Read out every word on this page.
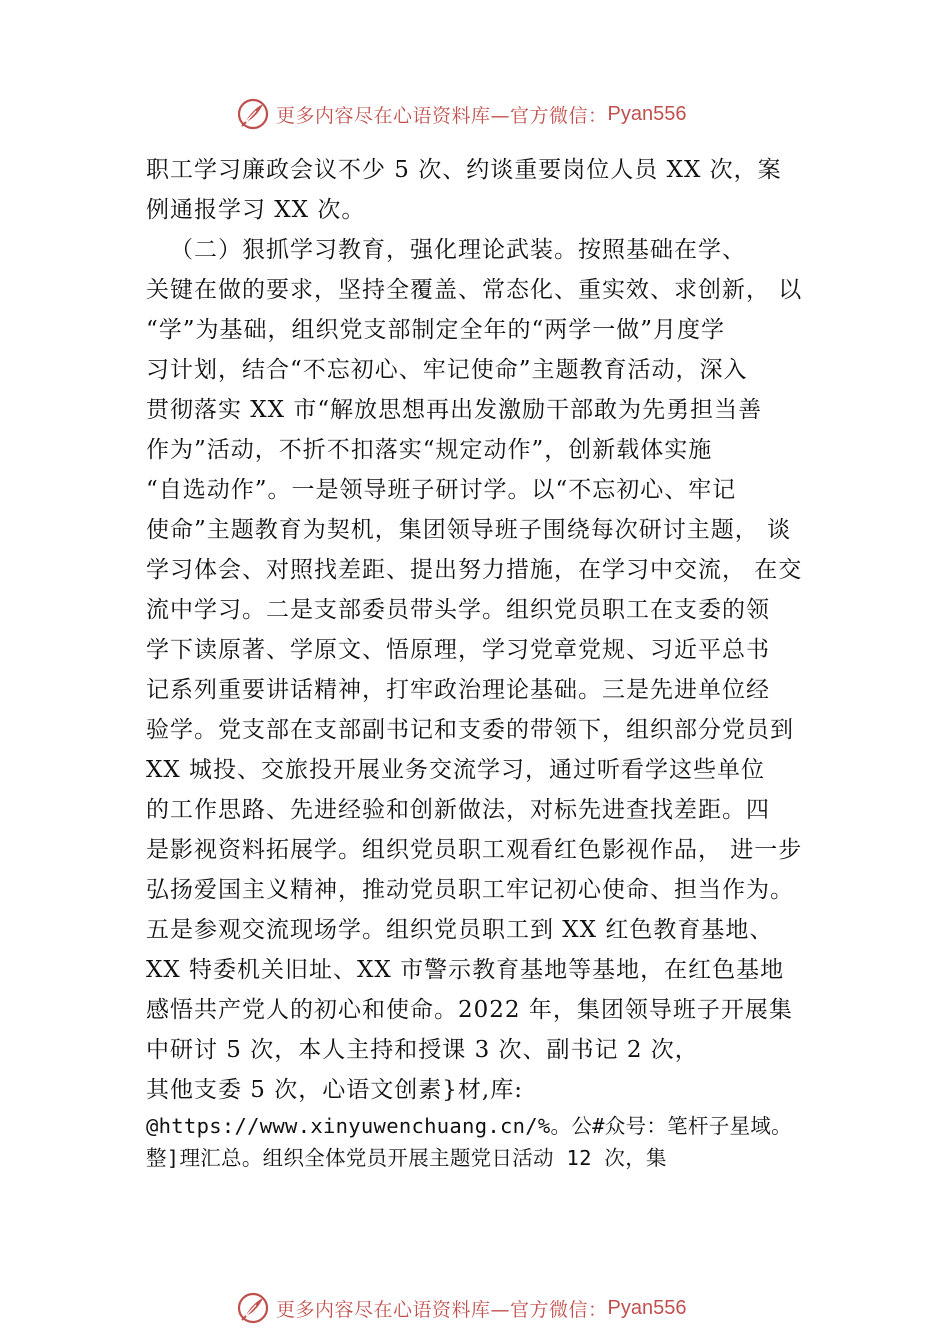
更多内容尽在心语资料库—官方微信： Pyan556
职工学习廉政会议不少 5 次、约谈重要岗位人员 XX 次，案
例通报学习 XX 次。
（二）狠抓学习教育，强化理论武装。按照基础在学、
关键在做的要求，坚持全覆盖、常态化、重实效、求创新， 以
“学”为基础，组织党支部制定全年的“两学一做”月度学
习计划，结合“不忘初心、牢记使命”主题教育活动，深入
贯彻落实 XX 市“解放思想再出发激励干部敢为先勇担当善
作为”活动，不折不扣落实“规定动作”，创新载体实施
“自选动作”。一是领导班子研讨学。以“不忘初心、牢记
使命”主题教育为契机，集团领导班子围绕每次研讨主题， 谈
学习体会、对照找差距、提出努力措施，在学习中交流， 在交
流中学习。二是支部委员带头学。组织党员职工在支委的领
学下读原著、学原文、悟原理，学习党章党规、习近平总书
记系列重要讲话精神，打牢政治理论基础。三是先进单位经
验学。党支部在支部副书记和支委的带领下，组织部分党员到
XX 城投、交旅投开展业务交流学习，通过听看学这些单位
的工作思路、先进经验和创新做法，对标先进查找差距。四
是影视资料拓展学。组织党员职工观看红色影视作品， 进一步
弘扬爱国主义精神，推动党员职工牢记初心使命、担当作为。
五是参观交流现场学。组织党员职工到 XX 红色教育基地、
XX 特委机关旧址、XX 市警示教育基地等基地，在红色基地
感悟共产党人的初心和使命。2022 年，集团领导班子开展集
中研讨 5 次，本人主持和授课 3 次、副书记 2 次，
其他支委 5 次，心语文创素}材,库:
@https://www.xinyuwenchuang.cn/%。公#众号：笔杆子星域。
整]理汇总。组织全体党员开展主题党日活动 12 次，集
更多内容尽在心语资料库—官方微信： Pyan556
